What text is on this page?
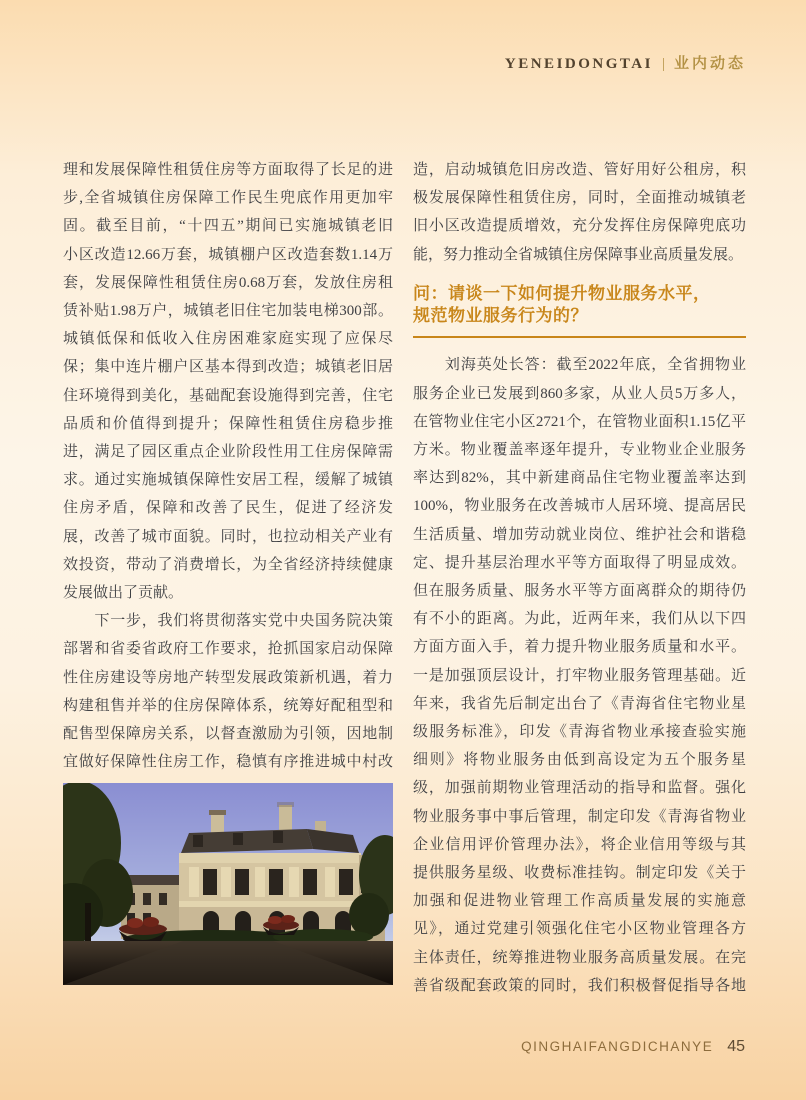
YENEIDONGTAI | 业内动态
理和发展保障性租赁住房等方面取得了长足的进
步,全省城镇住房保障工作民生兜底作用更加牢
固。截至目前，“十四五”期间已实施城镇老旧
小区改造12.66万套，城镇棚户区改造套数1.14万
套，发展保障性租赁住房0.68万套，发放住房租
赁补贴1.98万户，城镇老旧住宅加装电梯300部。
城镇低保和低收入住房困难家庭实现了应保尽
保；集中连片棚户区基本得到改造；城镇老旧居
住环境得到美化，基础配套设施得到完善，住宅
品质和价值得到提升；保障性租赁住房稳步推
进，满足了园区重点企业阶段性用工住房保障需
求。通过实施城镇保障性安居工程，缓解了城镇
住房矛盾，保障和改善了民生，促进了经济发
展，改善了城市面貌。同时，也拉动相关产业有
效投资，带动了消费增长，为全省经济持续健康
发展做出了贡献。
　　下一步，我们将贯彻落实党中央国务院决策
部署和省委省政府工作要求，抢抓国家启动保障
性住房建设等房地产转型发展政策新机遇，着力
构建租售并举的住房保障体系，统筹好配租型和
配售型保障房关系，以督查激励为引领，因地制
宜做好保障性住房工作，稳慎有序推进城中村改
造，启动城镇危旧房改造、管好用好公租房，积
极发展保障性租赁住房，同时，全面推动城镇老
旧小区改造提质增效，充分发挥住房保障兜底功
能，努力推动全省城镇住房保障事业高质量发展。
问：请谈一下如何提升物业服务水平，
规范物业服务行为的？
　　刘海英处长答：截至2022年底，全省拥物业
服务企业已发展到860多家，从业人员5万多人，
在管物业住宅小区2721个，在管物业面积1.15亿平
方米。物业覆盖率逐年提升，专业物业企业服务
率达到82%，其中新建商品住宅物业覆盖率达到
100%，物业服务在改善城市人居环境、提高居民
生活质量、增加劳动就业岗位、维护社会和谐稳
定、提升基层治理水平等方面取得了明显成效。
但在服务质量、服务水平等方面离群众的期待仍
有不小的距离。为此，近两年来，我们从以下四
方面方面入手，着力提升物业服务质量和水平。
一是加强顶层设计，打牢物业服务管理基础。近
年来，我省先后制定出台了《青海省住宅物业星
级服务标准》，印发《青海省物业承接查验实施
细则》将物业服务由低到高设定为五个服务星
级，加强前期物业管理活动的指导和监督。强化
物业服务事中事后管理，制定印发《青海省物业
企业信用评价管理办法》，将企业信用等级与其
提供服务星级、收费标准挂钩。制定印发《关于
加强和促进物业管理工作高质量发展的实施意
见》，通过党建引领强化住宅小区物业管理各方
主体责任，统筹推进物业服务高质量发展。在完
善省级配套政策的同时，我们积极督促指导各地
QINGHAIFANGDICHANYE 45
